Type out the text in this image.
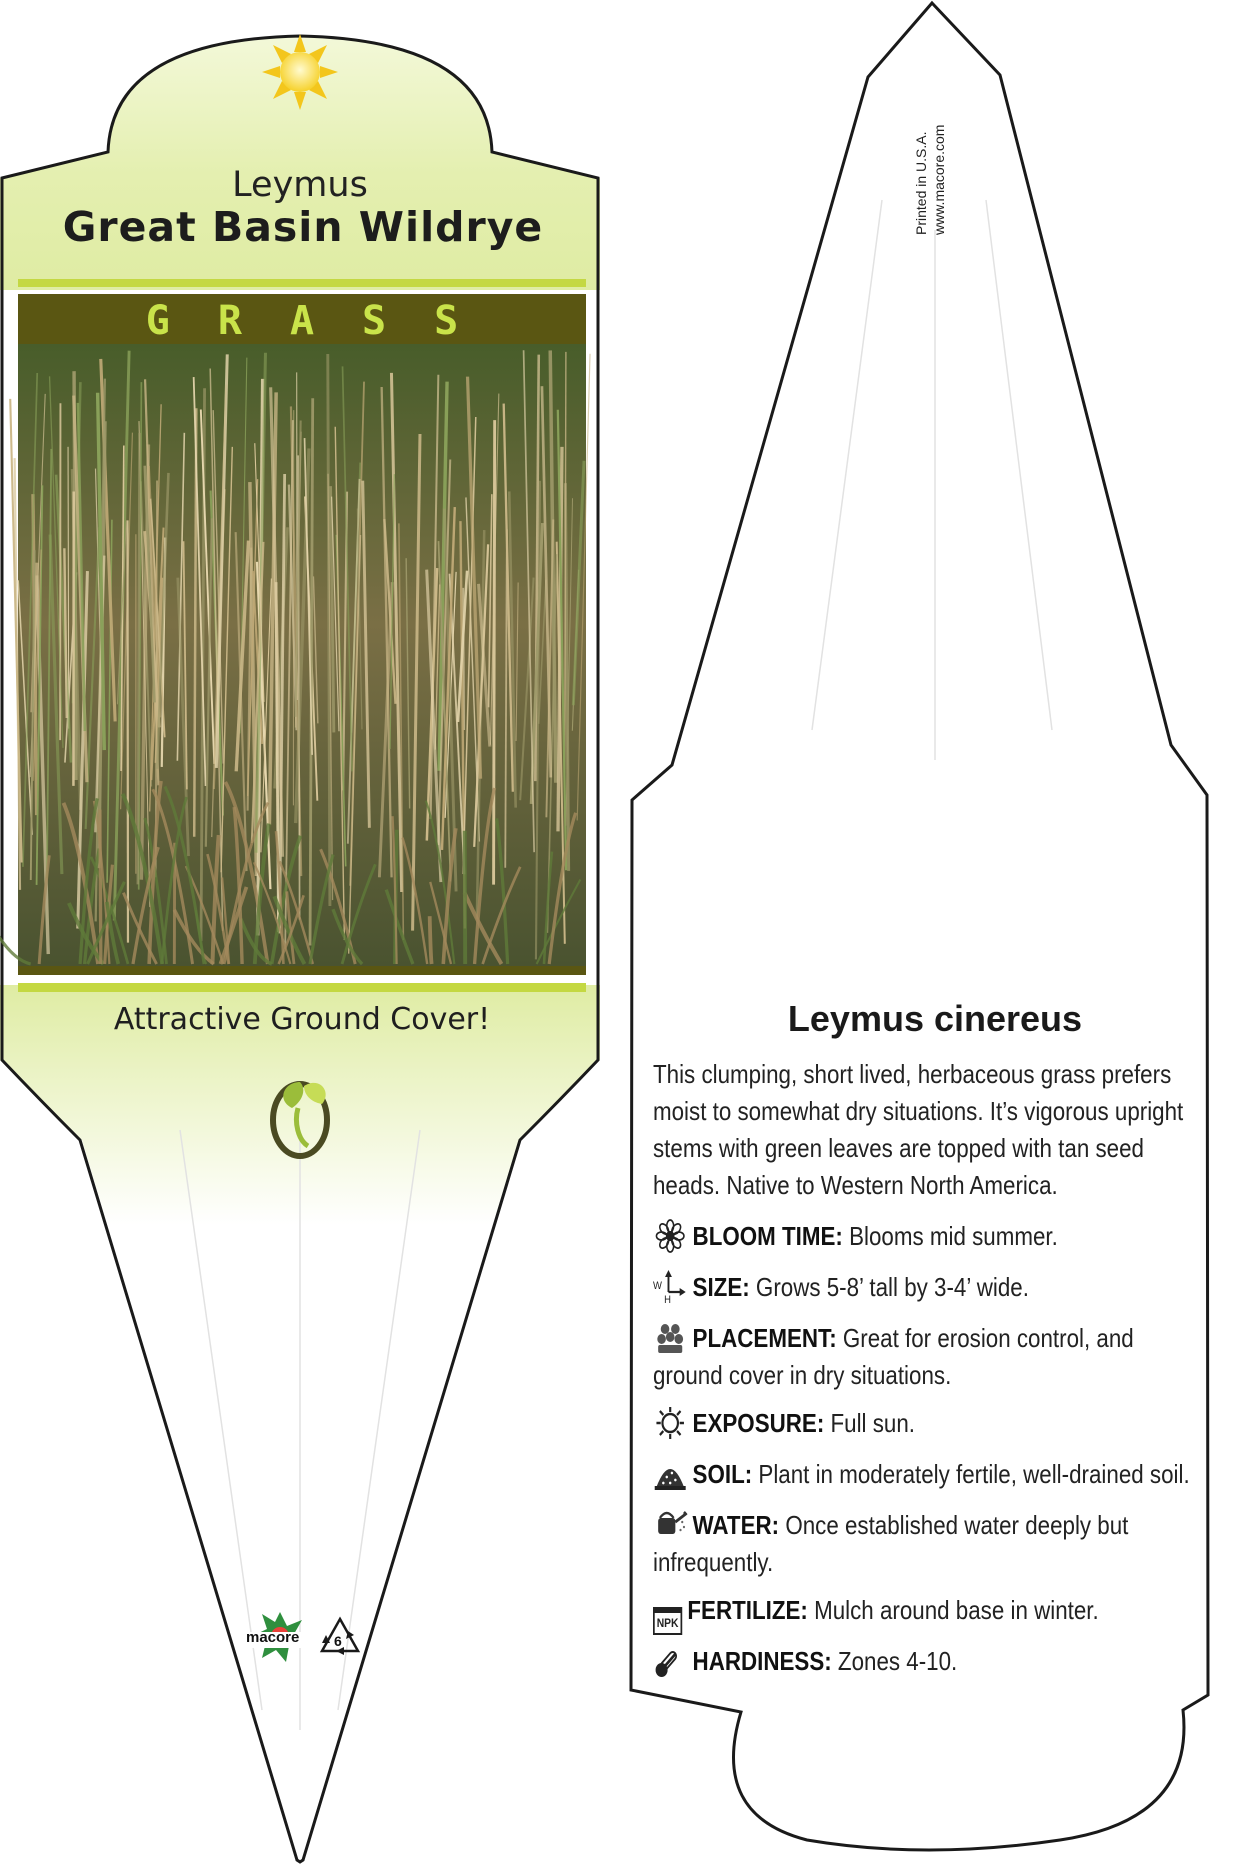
Leymus
Great Basin Wildrye
GRASS
Attractive Ground Cover!
macore 6
Printed in U.S.A. www.macore.com
Leymus cinereus
This clumping, short lived, herbaceous grass prefers moist to somewhat dry situations. It’s vigorous upright stems with green leaves are topped with tan seed heads. Native to Western North America.
BLOOM TIME: Blooms mid summer.
W
H SIZE: Grows 5-8’ tall by 3-4’ wide.
PLACEMENT: Great for erosion control, and ground cover in dry situations.
EXPOSURE: Full sun.
SOIL: Plant in moderately fertile, well-drained soil.
WATER: Once established water deeply but infrequently.
NPK FERTILIZE: Mulch around base in winter.
HARDINESS: Zones 4-10.
